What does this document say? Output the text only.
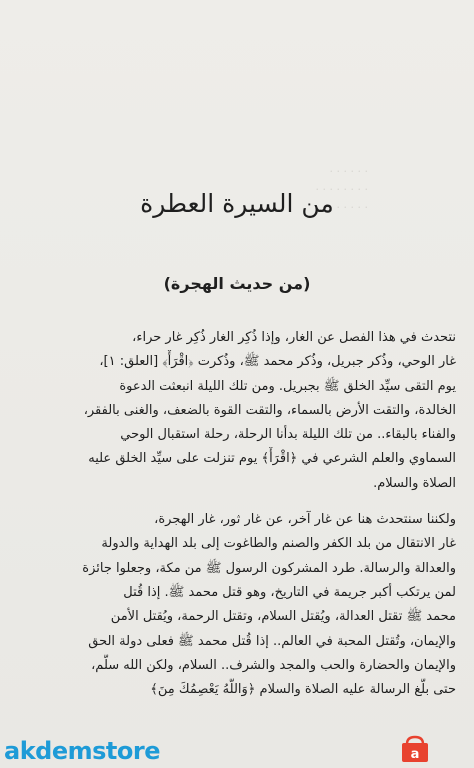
. . . . . .
. . . . . . . .
. . . . .
من السيرة العطرة
(من حديث الهجرة)

نتحدث في هذا الفصل عن الغار، وإذا ذُكِر الغار ذُكِر غار حراء،
غار الوحي، وذُكر جبريل، وذُكر محمد ﷺ، وذُكرت ﴿اقْرَأْ﴾ [العلق: ١]،
يوم التقى سيِّد الخلق ﷺ بجبريل. ومن تلك الليلة انبعثت الدعوة
الخالدة، والتقت الأرض بالسماء، والتقت القوة بالضعف، والغنى بالفقر،
والفناء بالبقاء.. من تلك الليلة بدأنا الرحلة، رحلة استقبال الوحي
السماوي والعلم الشرعي في ﴿اقْرَأْ﴾ يوم تنزلت على سيِّد الخلق عليه
الصلاة والسلام.

ولكننا سنتحدث هنا عن غار آخر، عن غار ثور، غار الهجرة،
غار الانتقال من بلد الكفر والصنم والطاغوت إلى بلد الهداية والدولة
والعدالة والرسالة. طرد المشركون الرسول ﷺ من مكة، وجعلوا جائزة
لمن يرتكب أكبر جريمة في التاريخ، وهو قتل محمد ﷺ. إذا قُتل
محمد ﷺ تقتل العدالة، ويُقتل السلام، وتقتل الرحمة، ويُقتل الأمن
والإيمان، وتُقتل المحبة في العالم.. إذا قُتل محمد ﷺ فعلى دولة الحق
والإيمان والحضارة والحب والمجد والشرف.. السلام، ولكن الله سلَّم،
حتى بلَّغ الرسالة عليه الصلاة والسلام ﴿وَاللَّهُ يَعْصِمُكَ مِنَ﴾

akdemstore	a
